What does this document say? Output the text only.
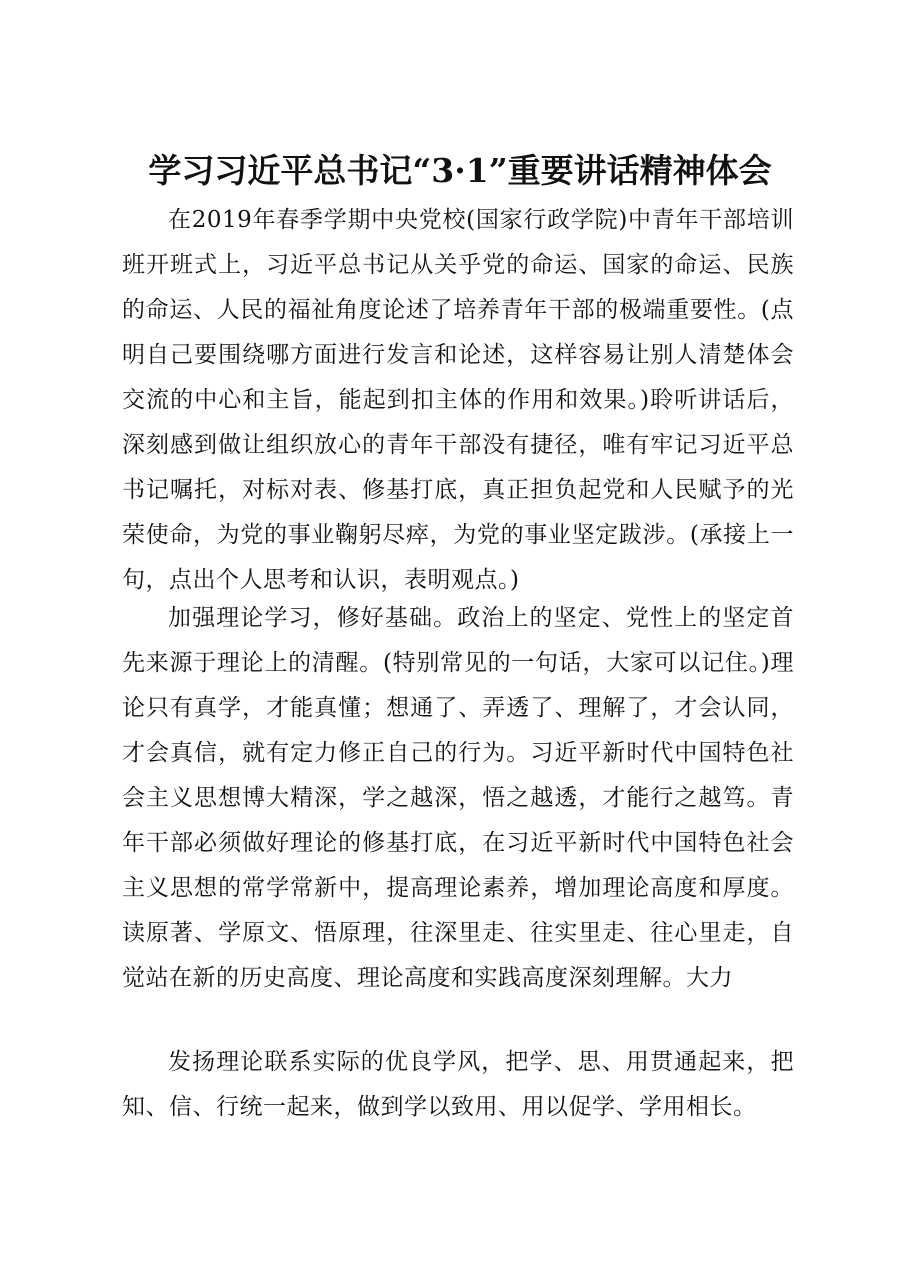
学习习近平总书记“3·1”重要讲话精神体会

在2019年春季学期中央党校(国家行政学院)中青年干部培训班开班式上，习近平总书记从关乎党的命运、国家的命运、民族的命运、人民的福祉角度论述了培养青年干部的极端重要性。(点明自己要围绕哪方面进行发言和论述，这样容易让别人清楚体会交流的中心和主旨，能起到扣主体的作用和效果。)聆听讲话后，深刻感到做让组织放心的青年干部没有捷径，唯有牢记习近平总书记嘱托，对标对表、修基打底，真正担负起党和人民赋予的光荣使命，为党的事业鞠躬尽瘁，为党的事业坚定跋涉。(承接上一句，点出个人思考和认识，表明观点。)

加强理论学习，修好基础。政治上的坚定、党性上的坚定首先来源于理论上的清醒。(特别常见的一句话，大家可以记住。)理论只有真学，才能真懂；想通了、弄透了、理解了，才会认同，才会真信，就有定力修正自己的行为。习近平新时代中国特色社会主义思想博大精深，学之越深，悟之越透，才能行之越笃。青年干部必须做好理论的修基打底，在习近平新时代中国特色社会主义思想的常学常新中，提高理论素养，增加理论高度和厚度。读原著、学原文、悟原理，往深里走、往实里走、往心里走，自觉站在新的历史高度、理论高度和实践高度深刻理解。大力

发扬理论联系实际的优良学风，把学、思、用贯通起来，把知、信、行统一起来，做到学以致用、用以促学、学用相长。
